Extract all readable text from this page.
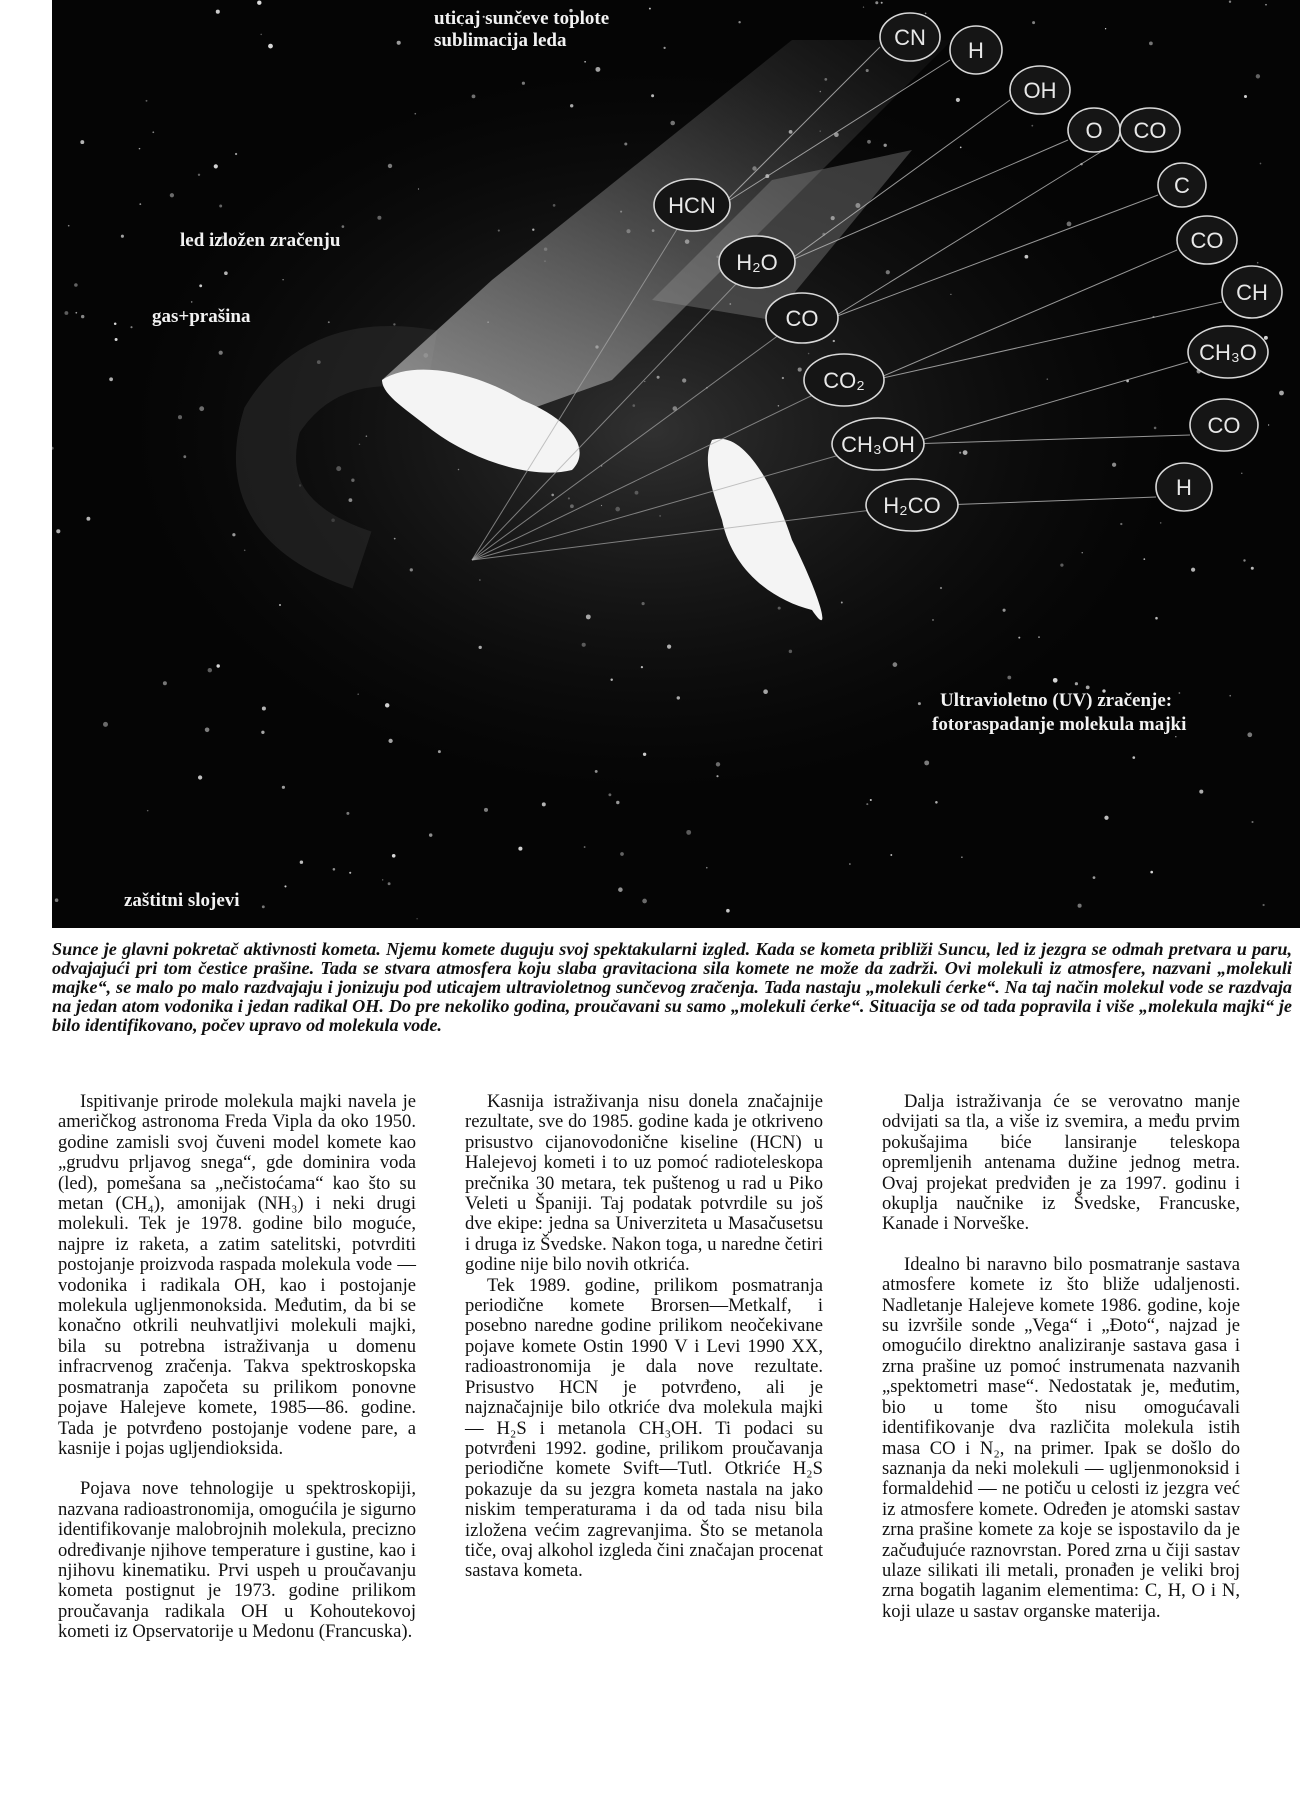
HCN
H₂O
CO
CO₂
CH₃OH
H₂CO
CN
H
OH
O CO
C
CO
CH
CH₃O
CO
H
uticaj sunčeve toplote
sublimacija leda
led izložen zračenju
gas+prašina
Ultravioletno (UV) zračenje:
fotoraspadanje molekula majki
zaštitni slojevi

Sunce je glavni pokretač aktivnosti kometa. Njemu komete duguju svoj spektakularni izgled. Kada se kometa približi Suncu, led iz jezgra se odmah pretvara u paru, odvajajući pri tom čestice prašine. Tada se stvara atmosfera koju slaba gravitaciona sila komete ne može da zadrži. Ovi molekuli iz atmosfere, nazvani „molekuli majke“, se malo po malo razdvajaju i jonizuju pod uticajem ultravioletnog sunčevog zračenja. Tada nastaju „molekuli ćerke“. Na taj način molekul vode se razdvaja na jedan atom vodonika i jedan radikal OH. Do pre nekoliko godina, proučavani su samo „molekuli ćerke“. Situacija se od tada popravila i više „molekula majki“ je bilo identifikovano, počev upravo od molekula vode.

Ispitivanje prirode molekula majki navela je američkog astronoma Freda Vipla da oko 1950. godine zamisli svoj čuveni model komete kao „grudvu prljavog snega“, gde dominira voda (led), pomešana sa „nečistoćama“ kao što su metan (CH₄), amonijak (NH₃) i neki drugi molekuli. Tek je 1978. godine bilo moguće, najpre iz raketa, a zatim satelitski, potvrditi postojanje proizvoda raspada molekula vode — vodonika i radikala OH, kao i postojanje molekula ugljenmonoksida. Međutim, da bi se konačno otkrili neuhvatljivi molekuli majki, bila su potrebna istraživanja u domenu infracrvenog zračenja. Takva spektroskopska posmatranja započeta su prilikom ponovne pojave Halejeve komete, 1985—86. godine. Tada je potvrđeno postojanje vodene pare, a kasnije i pojas ugljendioksida.

Pojava nove tehnologije u spektroskopiji, nazvana radioastronomija, omogućila je sigurno identifikovanje malobrojnih molekula, precizno određivanje njihove temperature i gustine, kao i njihovu kinematiku. Prvi uspeh u proučavanju kometa postignut je 1973. godine prilikom proučavanja radikala OH u Kohoutekovoj kometi iz Opservatorije u Medonu (Francuska).

Kasnija istraživanja nisu donela značajnije rezultate, sve do 1985. godine kada je otkriveno prisustvo cijanovodonične kiseline (HCN) u Halejevoj kometi i to uz pomoć radioteleskopa prečnika 30 metara, tek puštenog u rad u Piko Veleti u Španiji. Taj podatak potvrdile su još dve ekipe: jedna sa Univerziteta u Masačusetsu i druga iz Švedske. Nakon toga, u naredne četiri godine nije bilo novih otkrića.

Tek 1989. godine, prilikom posmatranja periodične komete Brorsen—Metkalf, i posebno naredne godine prilikom neočekivane pojave komete Ostin 1990 V i Levi 1990 XX, radioastronomija je dala nove rezultate. Prisustvo HCN je potvrđeno, ali je najznačajnije bilo otkriće dva molekula majki — H₂S i metanola CH₃OH. Ti podaci su potvrđeni 1992. godine, prilikom proučavanja periodične komete Svift—Tutl. Otkriće H₂S pokazuje da su jezgra kometa nastala na jako niskim temperaturama i da od tada nisu bila izložena većim zagrevanjima. Što se metanola tiče, ovaj alkohol izgleda čini značajan procenat sastava kometa.

Dalja istraživanja će se verovatno manje odvijati sa tla, a više iz svemira, a među prvim pokušajima biće lansiranje teleskopa opremljenih antenama dužine jednog metra. Ovaj projekat predviđen je za 1997. godinu i okuplja naučnike iz Švedske, Francuske, Kanade i Norveške.

Idealno bi naravno bilo posmatranje sastava atmosfere komete iz što bliže udaljenosti. Nadletanje Halejeve komete 1986. godine, koje su izvršile sonde „Vega“ i „Đoto“, najzad je omogućilo direktno analiziranje sastava gasa i zrna prašine uz pomoć instrumenata nazvanih „spektometri mase“. Nedostatak je, međutim, bio u tome što nisu omogućavali identifikovanje dva različita molekula istih masa CO i N₂, na primer. Ipak se došlo do saznanja da neki molekuli — ugljenmonoksid i formaldehid — ne potiču u celosti iz jezgra već iz atmosfere komete. Određen je atomski sastav zrna prašine komete za koje se ispostavilo da je začuđujuće raznovrstan. Pored zrna u čiji sastav ulaze silikati ili metali, pronađen je veliki broj zrna bogatih laganim elementima: C, H, O i N, koji ulaze u sastav organske materija.
